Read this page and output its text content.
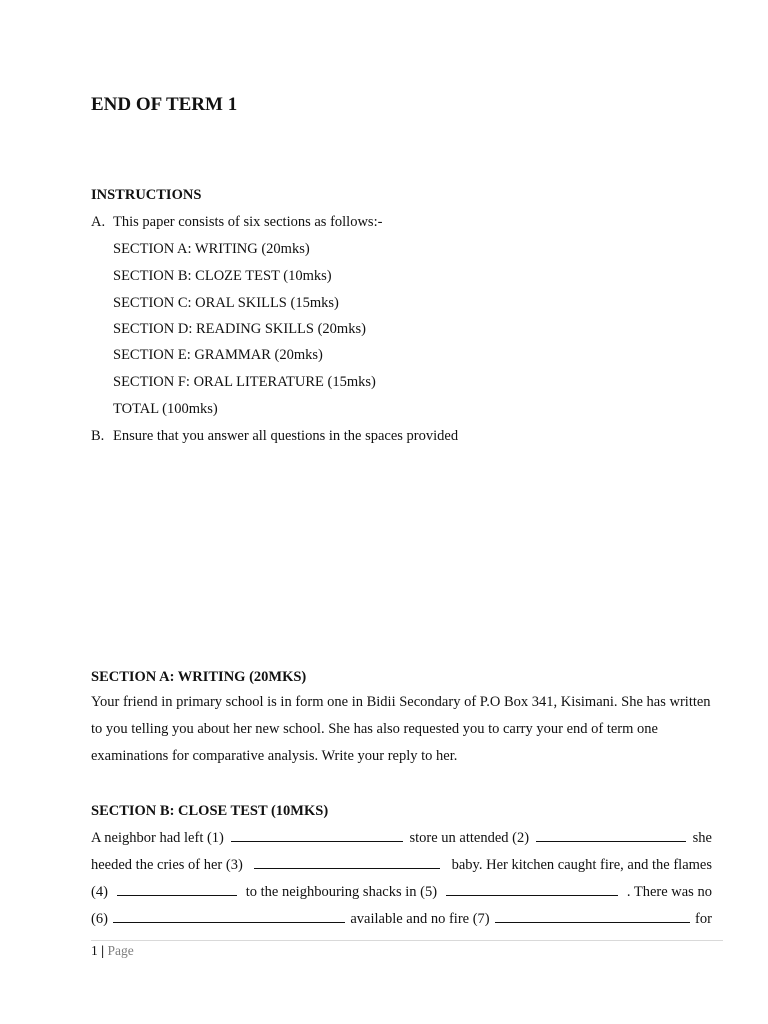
END OF TERM 1
INSTRUCTIONS
A. This paper consists of six sections as follows:-
SECTION A: WRITING (20mks)
SECTION B: CLOZE TEST (10mks)
SECTION C: ORAL SKILLS (15mks)
SECTION D: READING SKILLS (20mks)
SECTION E: GRAMMAR (20mks)
SECTION F: ORAL LITERATURE (15mks)
TOTAL (100mks)
B. Ensure that you answer all questions in the spaces provided
SECTION A: WRITING (20MKS)
Your friend in primary school is in form one in Bidii Secondary of P.O Box 341, Kisimani. She has written to you telling you about her new school. She has also requested you to carry your end of term one examinations for comparative analysis. Write your reply to her.
SECTION B: CLOSE TEST (10MKS)
A neighbor had left (1)	store un attended (2)	she
heeded the cries of her (3)	baby. Her kitchen caught fire, and the flames
(4)	to the neighbouring shacks in (5)	. There was no
(6)	available and no fire (7)	for
1 | Page
